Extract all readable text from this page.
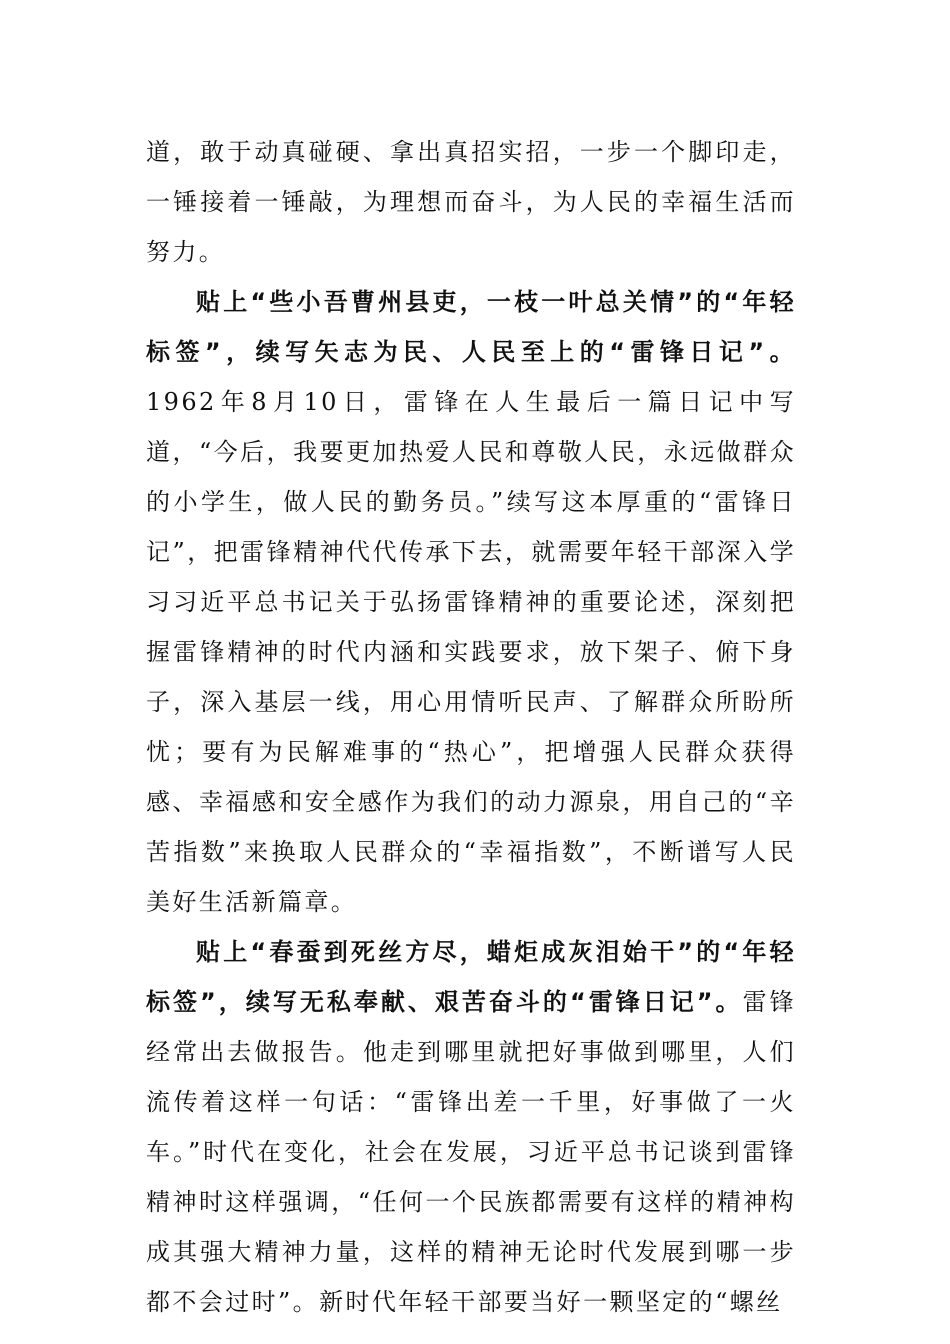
道，敢于动真碰硬、拿出真招实招，一步一个脚印走，一锤接着一锤敲，为理想而奋斗，为人民的幸福生活而努力。

贴上“些小吾曹州县吏，一枝一叶总关情”的“年轻标签”，续写矢志为民、人民至上的“雷锋日记”。1962年8月10日，雷锋在人生最后一篇日记中写道，“今后，我要更加热爱人民和尊敬人民，永远做群众的小学生，做人民的勤务员。”续写这本厚重的“雷锋日记”，把雷锋精神代代传承下去，就需要年轻干部深入学习习近平总书记关于弘扬雷锋精神的重要论述，深刻把握雷锋精神的时代内涵和实践要求，放下架子、俯下身子，深入基层一线，用心用情听民声、了解群众所盼所忧；要有为民解难事的“热心”，把增强人民群众获得感、幸福感和安全感作为我们的动力源泉，用自己的“辛苦指数”来换取人民群众的“幸福指数”，不断谱写人民美好生活新篇章。

贴上“春蚕到死丝方尽，蜡炬成灰泪始干”的“年轻标签”，续写无私奉献、艰苦奋斗的“雷锋日记”。雷锋经常出去做报告。他走到哪里就把好事做到哪里，人们流传着这样一句话：“雷锋出差一千里，好事做了一火车。”时代在变化，社会在发展，习近平总书记谈到雷锋精神时这样强调，“任何一个民族都需要有这样的精神构成其强大精神力量，这样的精神无论时代发展到哪一步都不会过时”。新时代年轻干部要当好一颗坚定的“螺丝
